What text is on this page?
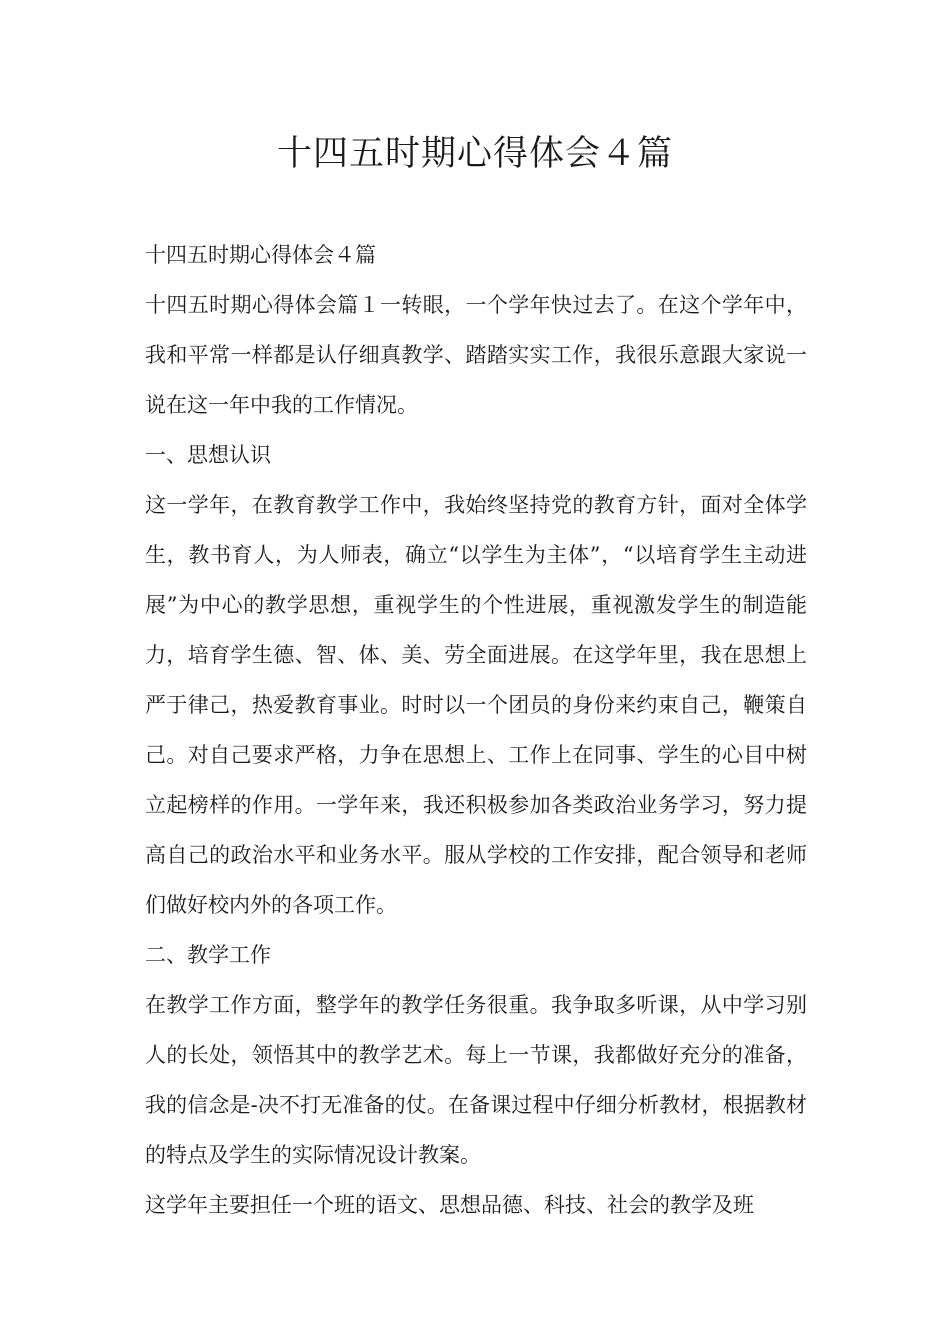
十四五时期心得体会４篇

十四五时期心得体会４篇

十四五时期心得体会篇１一转眼，一个学年快过去了。在这个学年中，我和平常一样都是认仔细真教学、踏踏实实工作，我很乐意跟大家说一说在这一年中我的工作情况。

一、思想认识

这一学年，在教育教学工作中，我始终坚持党的教育方针，面对全体学生，教书育人，为人师表，确立“以学生为主体”，“以培育学生主动进展”为中心的教学思想，重视学生的个性进展，重视激发学生的制造能力，培育学生德、智、体、美、劳全面进展。在这学年里，我在思想上严于律己，热爱教育事业。时时以一个团员的身份来约束自己，鞭策自己。对自己要求严格，力争在思想上、工作上在同事、学生的心目中树立起榜样的作用。一学年来，我还积极参加各类政治业务学习，努力提高自己的政治水平和业务水平。服从学校的工作安排，配合领导和老师们做好校内外的各项工作。

二、教学工作

在教学工作方面，整学年的教学任务很重。我争取多听课，从中学习别人的长处，领悟其中的教学艺术。每上一节课，我都做好充分的准备，我的信念是-决不打无准备的仗。在备课过程中仔细分析教材，根据教材的特点及学生的实际情况设计教案。

这学年主要担任一个班的语文、思想品德、科技、社会的教学及班
